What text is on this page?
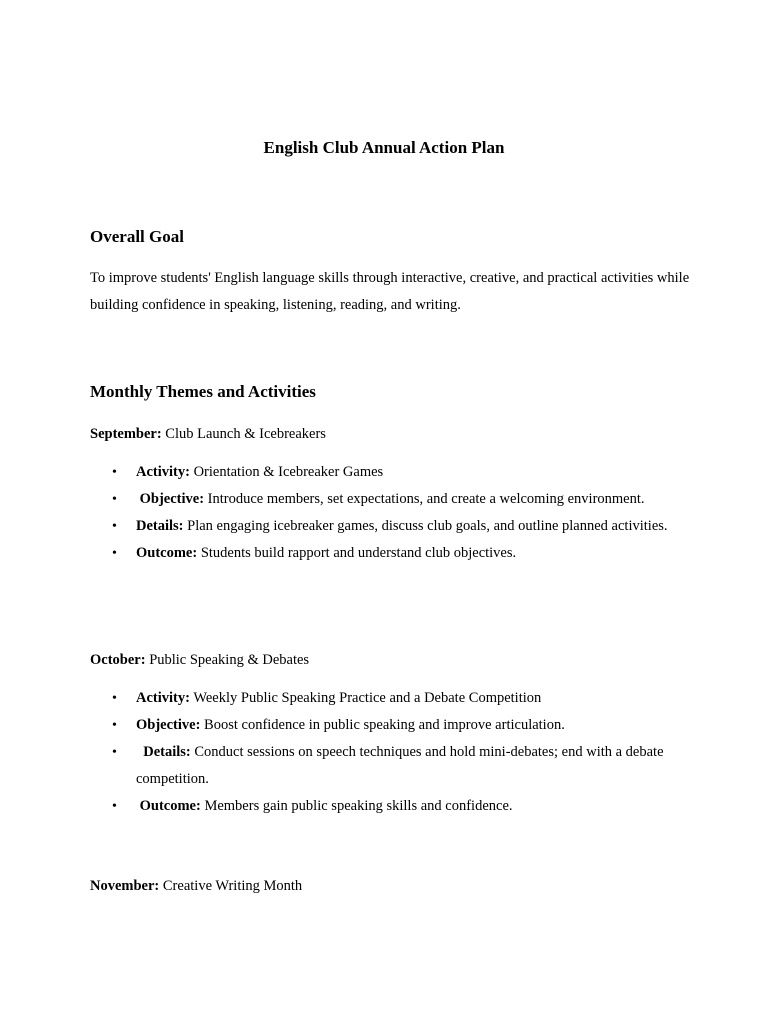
English Club Annual Action Plan
Overall Goal
To improve students' English language skills through interactive, creative, and practical activities while building confidence in speaking, listening, reading, and writing.
Monthly Themes and Activities
September: Club Launch & Icebreakers
• Activity: Orientation & Icebreaker Games
• Objective: Introduce members, set expectations, and create a welcoming environment.
• Details: Plan engaging icebreaker games, discuss club goals, and outline planned activities.
• Outcome: Students build rapport and understand club objectives.
October: Public Speaking & Debates
• Activity: Weekly Public Speaking Practice and a Debate Competition
• Objective: Boost confidence in public speaking and improve articulation.
• Details: Conduct sessions on speech techniques and hold mini-debates; end with a debate competition.
• Outcome: Members gain public speaking skills and confidence.
November: Creative Writing Month
